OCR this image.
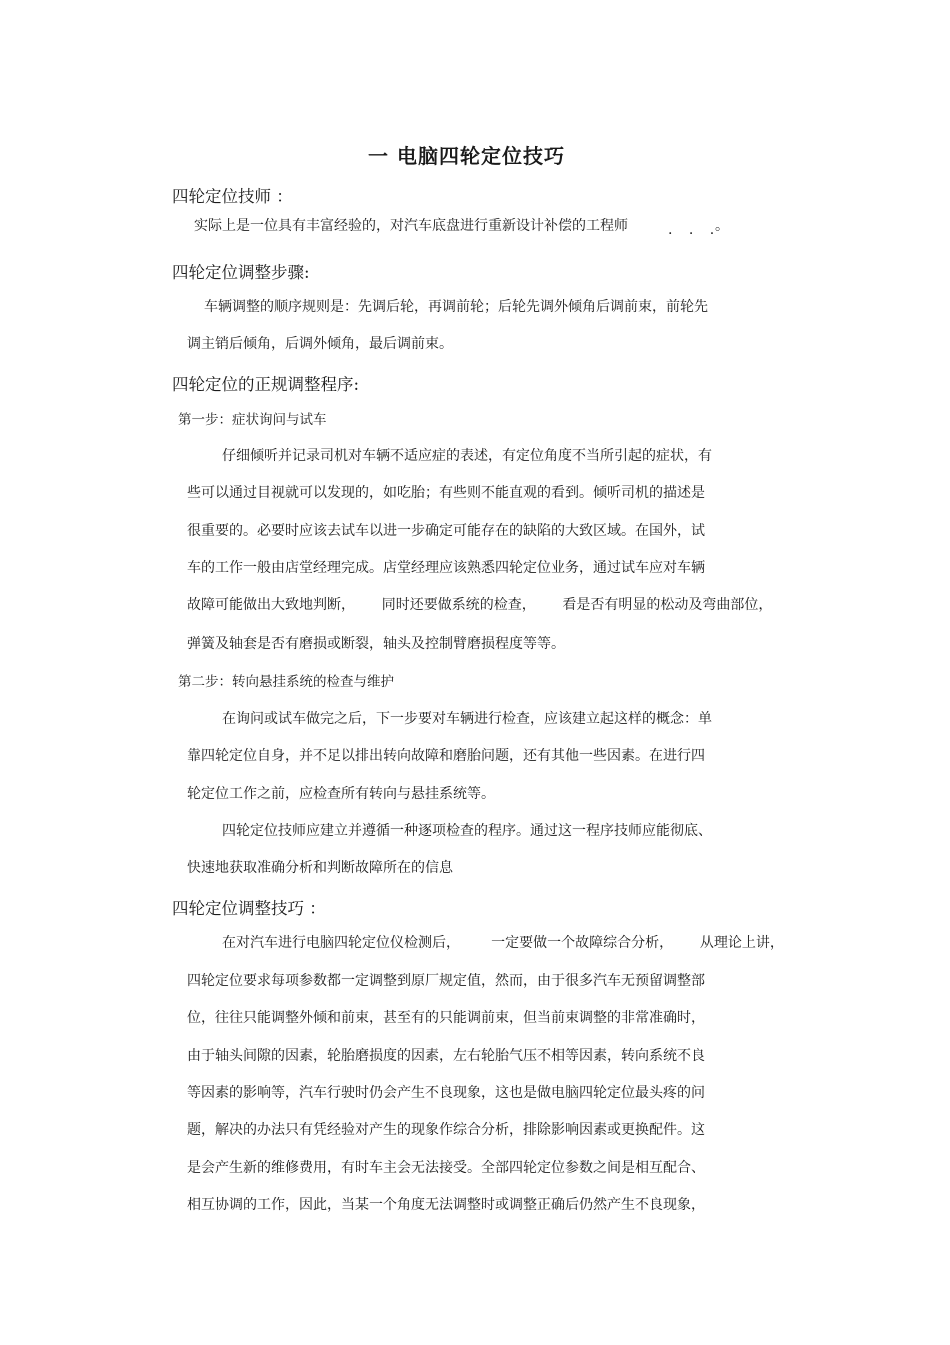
一 电脑四轮定位技巧
四轮定位技师 ：

实际上是一位具有丰富经验的，对汽车底盘进行重新设计补偿的工程师	. . .
。
四轮定位调整步骤:

车辆调整的顺序规则是：先调后轮，再调前轮；后轮先调外倾角后调前束，前轮先

调主销后倾角，后调外倾角，最后调前束。

四轮定位的正规调整程序:

第一步：症状询问与试车

仔细倾听并记录司机对车辆不适应症的表述，有定位角度不当所引起的症状，有

些可以通过目视就可以发现的，如吃胎；有些则不能直观的看到。倾听司机的描述是

很重要的。必要时应该去试车以进一步确定可能存在的缺陷的大致区域。在国外，试

车的工作一般由店堂经理完成。店堂经理应该熟悉四轮定位业务，通过试车应对车辆

故障可能做出大致地判断，      同时还要做系统的检查，      看是否有明显的松动及弯曲部位，

弹簧及轴套是否有磨损或断裂，轴头及控制臂磨损程度等等。

第二步：转向悬挂系统的检查与维护

在询问或试车做完之后，下一步要对车辆进行检查，应该建立起这样的概念：单

靠四轮定位自身，并不足以排出转向故障和磨胎问题，还有其他一些因素。在进行四

轮定位工作之前，应检查所有转向与悬挂系统等。

四轮定位技师应建立并遵循一种逐项检查的程序。通过这一程序技师应能彻底、

快速地获取准确分析和判断故障所在的信息

四轮定位调整技巧 ：

在对汽车进行电脑四轮定位仪检测后，       一定要做一个故障综合分析，      从理论上讲，

四轮定位要求每项参数都一定调整到原厂规定值，然而，由于很多汽车无预留调整部

位，往往只能调整外倾和前束，甚至有的只能调前束，但当前束调整的非常准确时，

由于轴头间隙的因素，轮胎磨损度的因素，左右轮胎气压不相等因素，转向系统不良

等因素的影响等，汽车行驶时仍会产生不良现象，这也是做电脑四轮定位最头疼的问

题，解决的办法只有凭经验对产生的现象作综合分析，排除影响因素或更换配件。这

是会产生新的维修费用，有时车主会无法接受。全部四轮定位参数之间是相互配合、

相互协调的工作，因此，当某一个角度无法调整时或调整正确后仍然产生不良现象，
